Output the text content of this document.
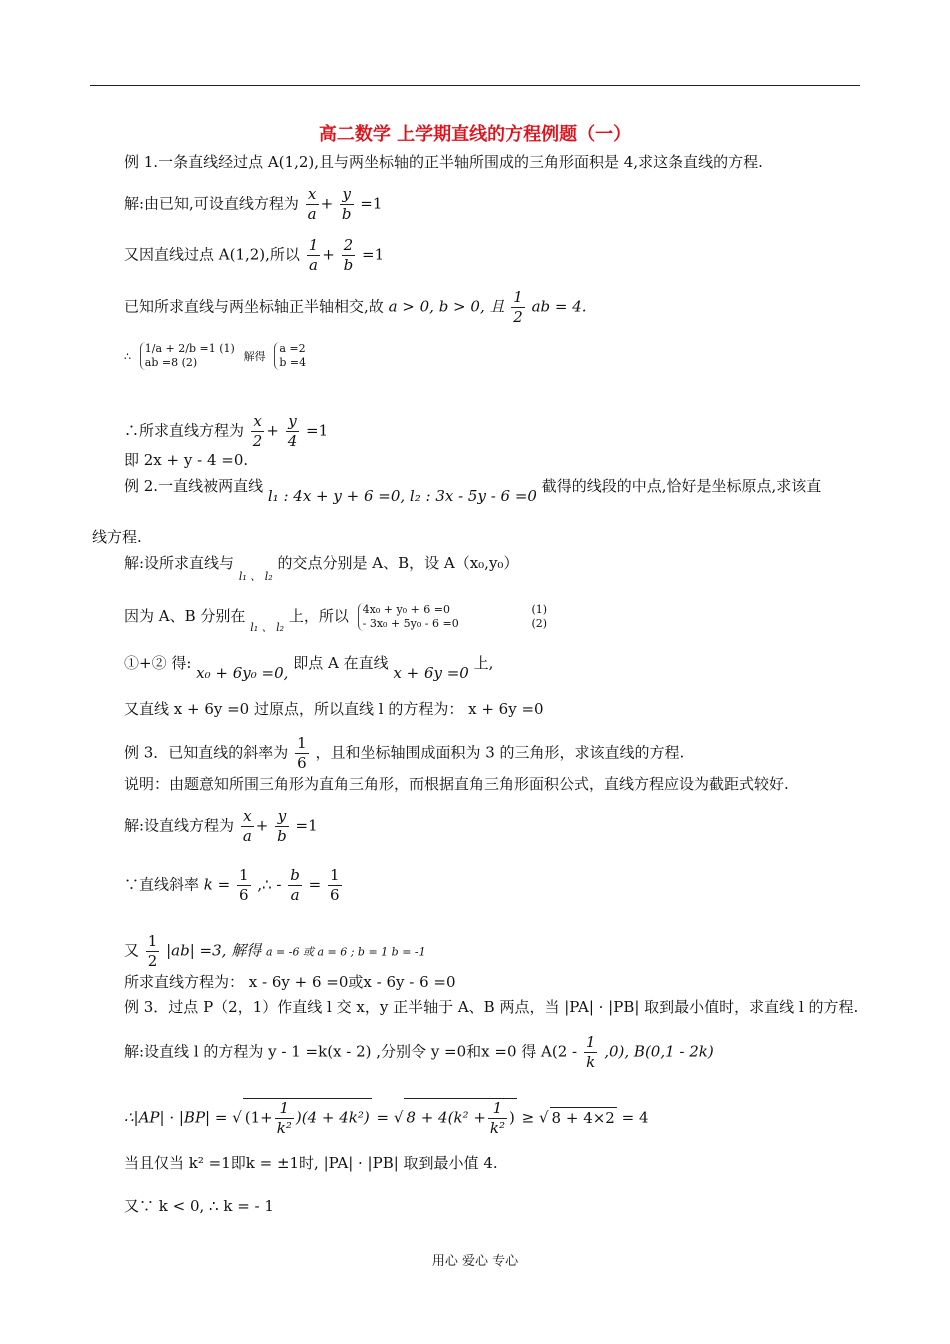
高二数学 上学期直线的方程例题（一）
例 1.一条直线经过点 A(1,2),且与两坐标轴的正半轴所围成的三角形面积是 4,求这条直线的方程.
解:由已知,可设直线方程为 $\frac{x}{a} + \frac{y}{b} =1$
又因直线过点 A(1,2),所以 $\frac{1}{a} + \frac{2}{b} =1$
已知所求直线与两坐标轴正半轴相交,故 a > 0, b > 0, 且 $\frac{1}{2}$ ab = 4.
∴
1/a + 2/b =1 (1)
ab =8 (2)	解得
a =2
b =4
∴所求直线方程为 $\frac{x}{2} + \frac{y}{4} =1$
即 2x + y - 4 =0.
例 2.一直线被两直线 l₁ : 4x + y + 6 =0, l₂ : 3x - 5y - 6 =0 截得的线段的中点,恰好是坐标原点,求该直
线方程.
解:设所求直线与 $_{l_1 、 l_2}$ 的交点分别是 A、B，设 A（x₀,y₀）
因为 A、B 分别在 $_{l_1 、 l_2}$ 上，所以 4x₀ + y₀ + 6 =0
- 3x₀ + 5y₀ - 6 =0

(1)
(2)
①+② 得: x₀ + 6y₀ =0, 即点 A 在直线 x + 6y =0 上,
又直线 x + 6y =0 过原点，所以直线 l 的方程为： x + 6y =0
例 3．已知直线的斜率为 $\frac{1}{6}$ ，且和坐标轴围成面积为 3 的三角形，求该直线的方程.
说明：由题意知所围三角形为直角三角形，而根据直角三角形面积公式，直线方程应设为截距式较好.
解:设直线方程为 $\frac{x}{a} + \frac{y}{b} =1$
∵直线斜率 $k = \frac{1}{6}$ ,∴ - $\frac{b}{a} = \frac{1}{6}$
又 $\frac{1}{2} |ab| =3$, 解得 a = -6 或 a = 6 ; b = 1 b = -1
所求直线方程为： x - 6y + 6 =0或x - 6y - 6 =0
例 3．过点 P（2，1）作直线 l 交 x，y 正半轴于 A、B 两点，当 |PA| · |PB| 取到最小值时，求直线 l 的方程.
解:设直线 l 的方程为 y - 1 =k(x - 2) ,分别令 y =0和x =0 得 $A(2 - \frac{1}{k} ,0)$, B(0,1 - 2k)
∴|AP| · |BP| = √ $(1+ \frac{1}{\text{k²}} )(4 + 4k^2)$ = √ $8 + 4(k^2 + \frac{1}{\text{k²}}$ ) ≥ √ 8 + 4×2 = 4
当且仅当 k² =1即k = ±1时, |PA| · |PB| 取到最小值 4.
又∵ k < 0, ∴ k = - 1
用心 爱心 专心
